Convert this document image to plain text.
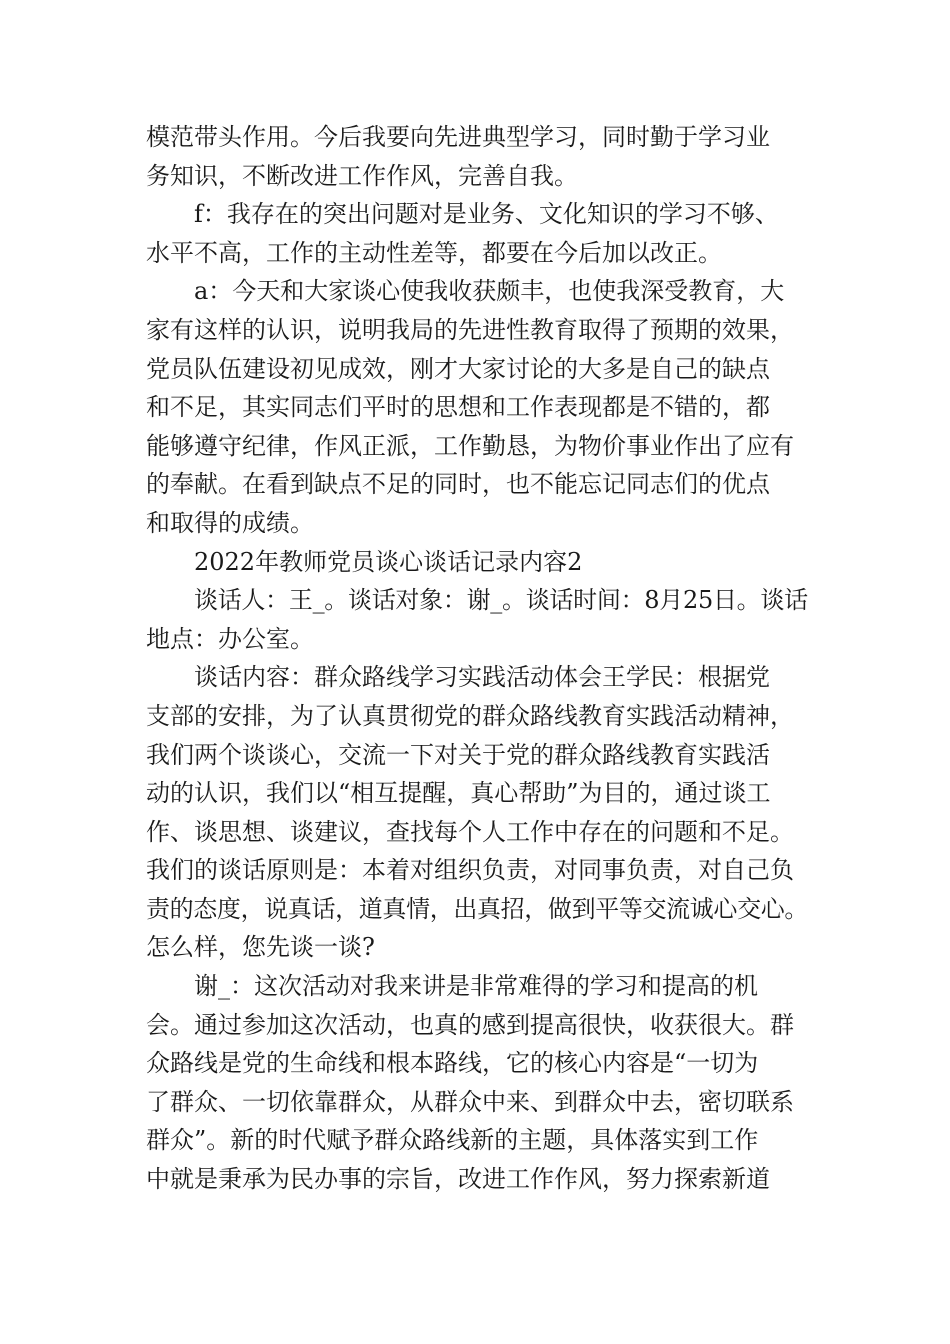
模范带头作用。今后我要向先进典型学习，同时勤于学习业
务知识，不断改进工作作风，完善自我。
f：我存在的突出问题对是业务、文化知识的学习不够、
水平不高，工作的主动性差等，都要在今后加以改正。
a：今天和大家谈心使我收获颇丰，也使我深受教育，大
家有这样的认识，说明我局的先进性教育取得了预期的效果，
党员队伍建设初见成效，刚才大家讨论的大多是自己的缺点
和不足，其实同志们平时的思想和工作表现都是不错的，都
能够遵守纪律，作风正派，工作勤恳，为物价事业作出了应有
的奉献。在看到缺点不足的同时，也不能忘记同志们的优点
和取得的成绩。
2022年教师党员谈心谈话记录内容2
谈话人：王_。谈话对象：谢_。谈话时间：8月25日。谈话
地点：办公室。
谈话内容：群众路线学习实践活动体会王学民：根据党
支部的安排，为了认真贯彻党的群众路线教育实践活动精神，
我们两个谈谈心，交流一下对关于党的群众路线教育实践活
动的认识，我们以“相互提醒，真心帮助”为目的，通过谈工
作、谈思想、谈建议，查找每个人工作中存在的问题和不足。
我们的谈话原则是：本着对组织负责，对同事负责，对自己负
责的态度，说真话，道真情，出真招，做到平等交流诚心交心。
怎么样，您先谈一谈?
谢_：这次活动对我来讲是非常难得的学习和提高的机
会。通过参加这次活动，也真的感到提高很快，收获很大。群
众路线是党的生命线和根本路线，它的核心内容是“一切为
了群众、一切依靠群众，从群众中来、到群众中去，密切联系
群众”。新的时代赋予群众路线新的主题，具体落实到工作
中就是秉承为民办事的宗旨，改进工作作风，努力探索新道
